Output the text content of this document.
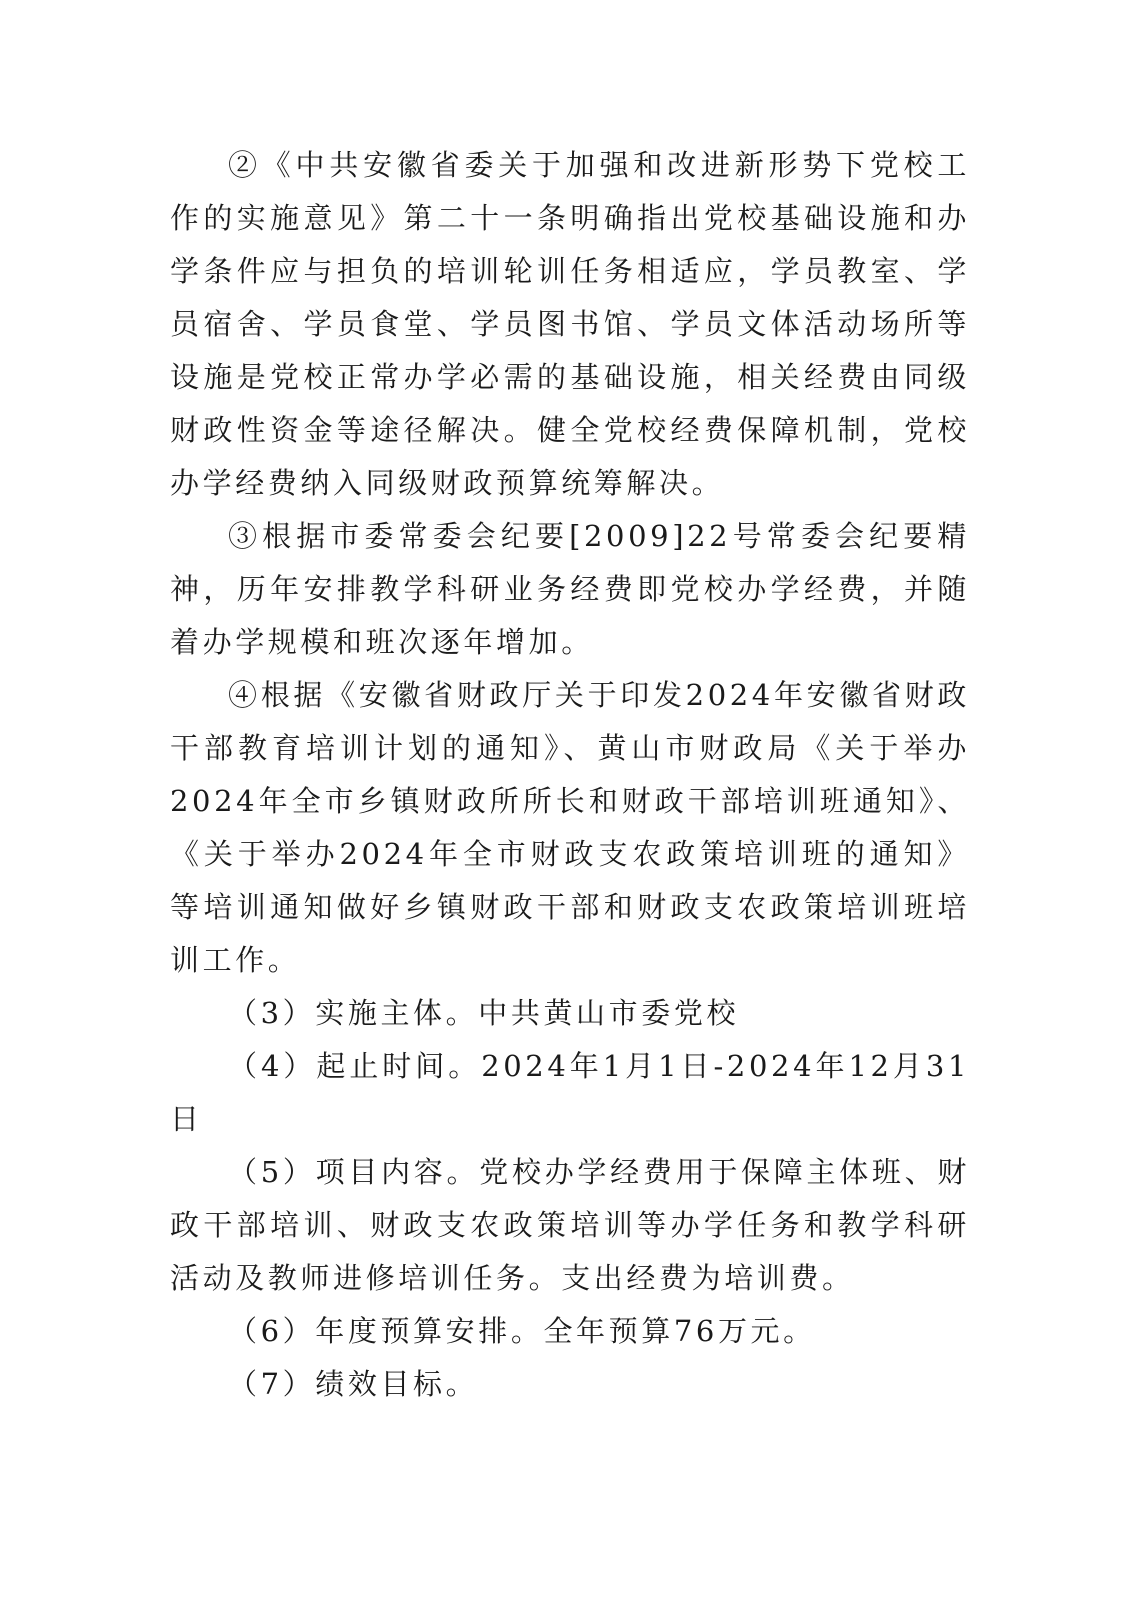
②《中共安徽省委关于加强和改进新形势下党校工作的实施意见》第二十一条明确指出党校基础设施和办学条件应与担负的培训轮训任务相适应，学员教室、学员宿舍、学员食堂、学员图书馆、学员文体活动场所等设施是党校正常办学必需的基础设施，相关经费由同级财政性资金等途径解决。健全党校经费保障机制，党校办学经费纳入同级财政预算统筹解决。

③根据市委常委会纪要[2009]22号常委会纪要精神，历年安排教学科研业务经费即党校办学经费，并随着办学规模和班次逐年增加。

④根据《安徽省财政厅关于印发2024年安徽省财政干部教育培训计划的通知》、黄山市财政局《关于举办2024年全市乡镇财政所所长和财政干部培训班通知》、《关于举办2024年全市财政支农政策培训班的通知》等培训通知做好乡镇财政干部和财政支农政策培训班培训工作。

（3）实施主体。中共黄山市委党校

（4）起止时间。2024年1月1日-2024年12月31日

（5）项目内容。党校办学经费用于保障主体班、财政干部培训、财政支农政策培训等办学任务和教学科研活动及教师进修培训任务。支出经费为培训费。

（6）年度预算安排。全年预算76万元。

（7）绩效目标。
